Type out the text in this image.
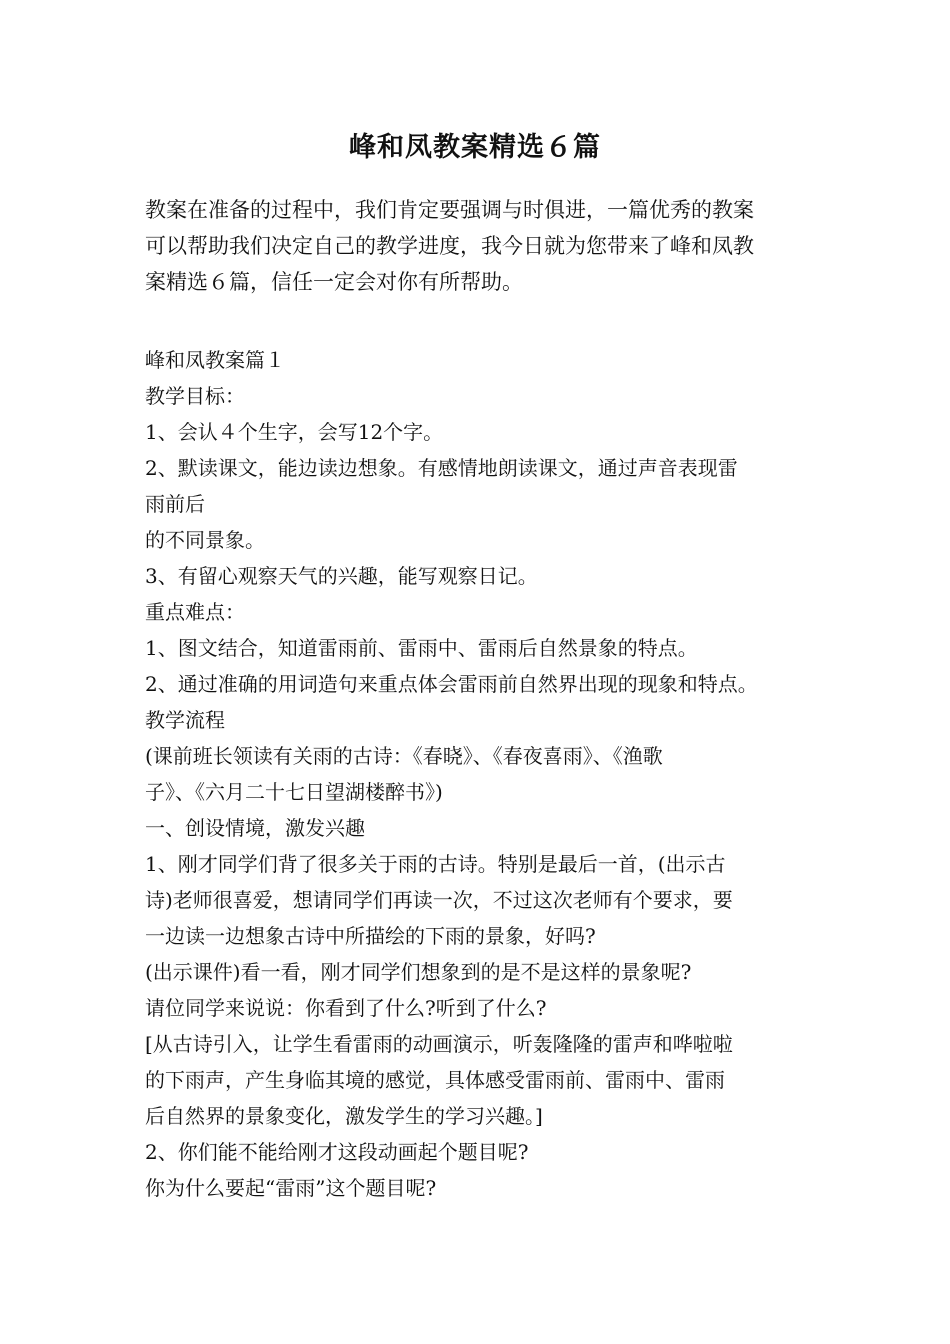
峰和凤教案精选６篇
教案在准备的过程中，我们肯定要强调与时俱进，一篇优秀的教案
可以帮助我们决定自己的教学进度，我今日就为您带来了峰和凤教
案精选６篇，信任一定会对你有所帮助。
峰和凤教案篇１
教学目标：
1、会认４个生字，会写12个字。
2、默读课文，能边读边想象。有感情地朗读课文，通过声音表现雷
雨前后
的不同景象。
3、有留心观察天气的兴趣，能写观察日记。
重点难点：
1、图文结合，知道雷雨前、雷雨中、雷雨后自然景象的特点。
2、通过准确的用词造句来重点体会雷雨前自然界出现的现象和特点。
教学流程
(课前班长领读有关雨的古诗：《春晓》、《春夜喜雨》、《渔歌
子》、《六月二十七日望湖楼醉书》)
一、创设情境，激发兴趣
1、刚才同学们背了很多关于雨的古诗。特别是最后一首，(出示古
诗)老师很喜爱，想请同学们再读一次，不过这次老师有个要求，要
一边读一边想象古诗中所描绘的下雨的景象，好吗?
(出示课件)看一看，刚才同学们想象到的是不是这样的景象呢?
请位同学来说说：你看到了什么?听到了什么?
[从古诗引入，让学生看雷雨的动画演示，听轰隆隆的雷声和哗啦啦
的下雨声，产生身临其境的感觉，具体感受雷雨前、雷雨中、雷雨
后自然界的景象变化，激发学生的学习兴趣。]
2、你们能不能给刚才这段动画起个题目呢?
你为什么要起“雷雨”这个题目呢?
